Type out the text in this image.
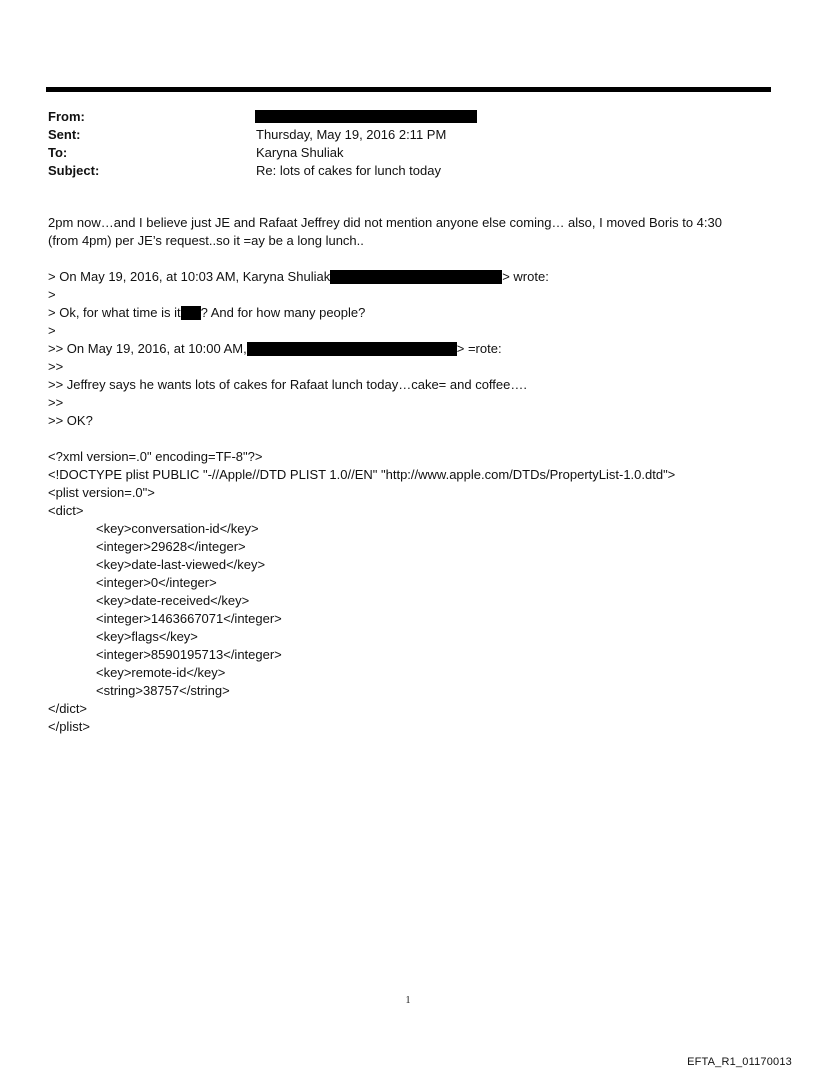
From:
Sent:	Thursday, May 19, 2016 2:11 PM
To:	Karyna Shuliak
Subject:	Re: lots of cakes for lunch today

2pm now…and I believe just JE and Rafaat Jeffrey did not mention anyone else coming… also, I moved Boris to 4:30

(from 4pm) per JE’s request..so it =ay be a long lunch..

> On May 19, 2016, at 10:03 AM, Karyna Shuliak	> wrote:

>

> Ok, for what time is it ? And for how many people?

>

>> On May 19, 2016, at 10:00 AM,	> =rote:

>>

>> Jeffrey says he wants lots of cakes for Rafaat lunch today…cake= and coffee….

>>

>> OK?

<?xml version=.0" encoding=TF-8"?>

<!DOCTYPE plist PUBLIC "-//Apple//DTD PLIST 1.0//EN" "http://www.apple.com/DTDs/PropertyList-1.0.dtd">

<plist version=.0">

<dict>

<key>conversation-id</key>

<integer>29628</integer>

<key>date-last-viewed</key>

<integer>0</integer>

<key>date-received</key>

<integer>1463667071</integer>

<key>flags</key>

<integer>8590195713</integer>

<key>remote-id</key>

<string>38757</string>

</dict>

</plist>

1
EFTA_R1_01170013
